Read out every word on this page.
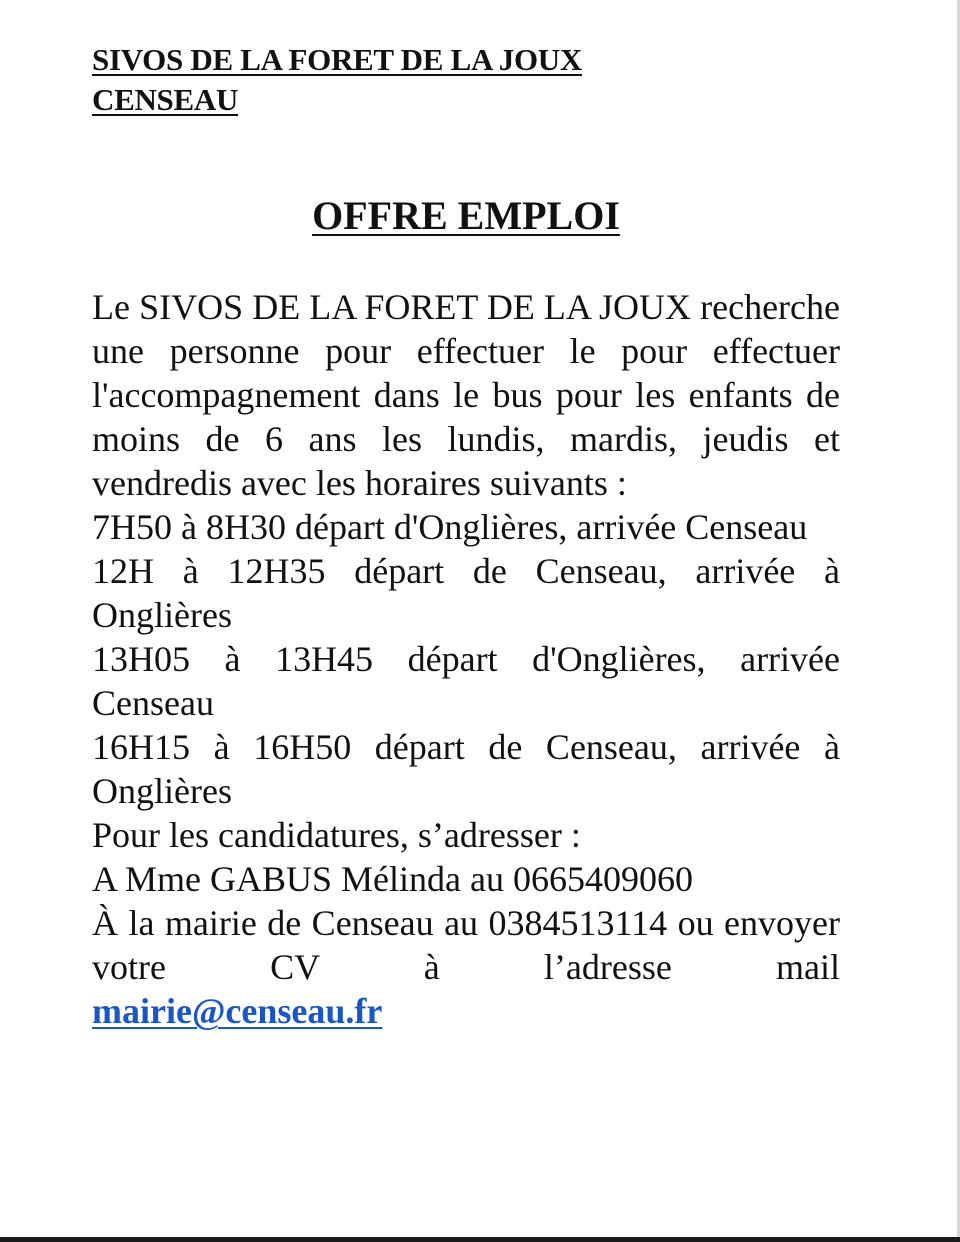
SIVOS DE LA FORET DE LA JOUX
CENSEAU
OFFRE EMPLOI

Le SIVOS DE LA FORET DE LA JOUX recherche une personne pour effectuer le pour effectuer l'accompagnement dans le bus pour les enfants de moins de 6 ans les lundis, mardis, jeudis et vendredis avec les horaires suivants :

7H50 à 8H30 départ d'Onglières, arrivée Censeau

12H à 12H35 départ de Censeau, arrivée à Onglières

13H05 à 13H45 départ d'Onglières, arrivée Censeau

16H15 à 16H50 départ de Censeau, arrivée à Onglières

Pour les candidatures, s’adresser :

A Mme GABUS Mélinda au 0665409060

À la mairie de Censeau au 0384513114 ou envoyer votre CV à l’adresse mail

mairie@censeau.fr
